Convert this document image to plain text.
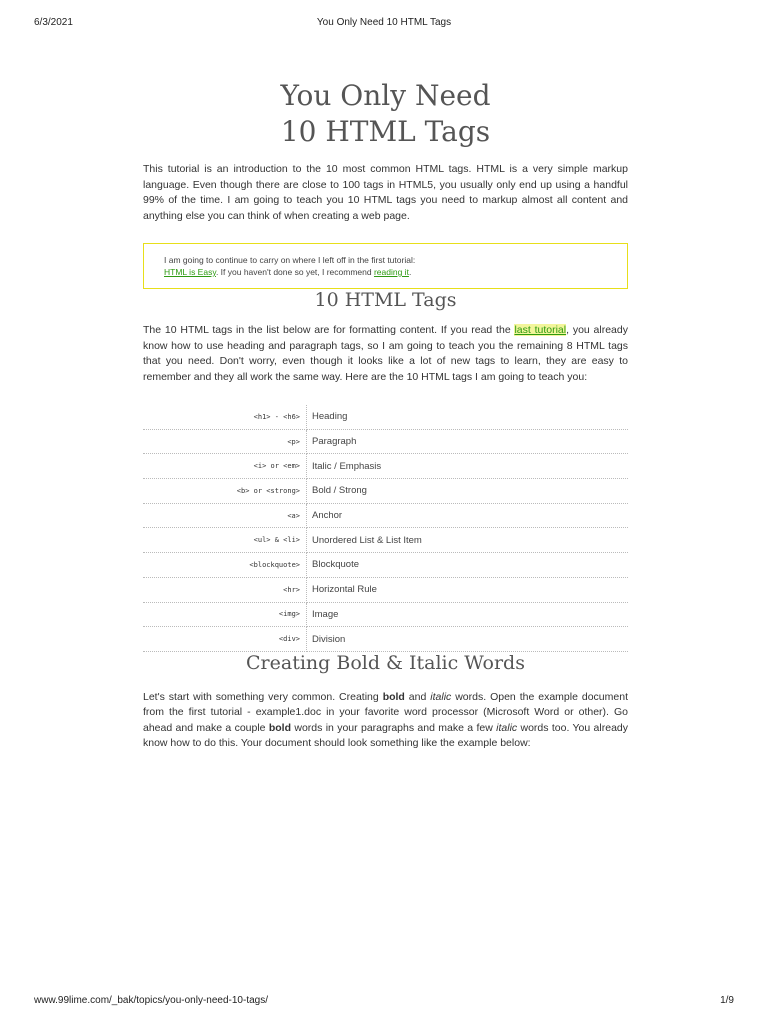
6/3/2021	You Only Need 10 HTML Tags
You Only Need
10 HTML Tags

This tutorial is an introduction to the 10 most common HTML tags. HTML is a very simple markup language. Even though there are close to 100 tags in HTML5, you usually only end up using a handful 99% of the time. I am going to teach you 10 HTML tags you need to markup almost all content and anything else you can think of when creating a web page.

I am going to continue to carry on where I left off in the first tutorial:
HTML is Easy. If you haven't done so yet, I recommend reading it.
10 HTML Tags

The 10 HTML tags in the list below are for formatting content. If you read the last tutorial, you already know how to use heading and paragraph tags, so I am going to teach you the remaining 8 HTML tags that you need. Don't worry, even though it looks like a lot of new tags to learn, they are easy to remember and they all work the same way. Here are the 10 HTML tags I am going to teach you:

<h1> - <h6>	Heading
<p>	Paragraph
<i> or <em>	Italic / Emphasis
<b> or <strong>	Bold / Strong
<a>	Anchor
<ul> & <li>	Unordered List & List Item
<blockquote>	Blockquote
<hr>	Horizontal Rule
<img>	Image
<div>	Division
Creating Bold & Italic Words

Let's start with something very common. Creating bold and italic words. Open the example document from the first tutorial - example1.doc in your favorite word processor (Microsoft Word or other). Go ahead and make a couple bold words in your paragraphs and make a few italic words too. You already know how to do this. Your document should look something like the example below:

www.99lime.com/_bak/topics/you-only-need-10-tags/	1/9
